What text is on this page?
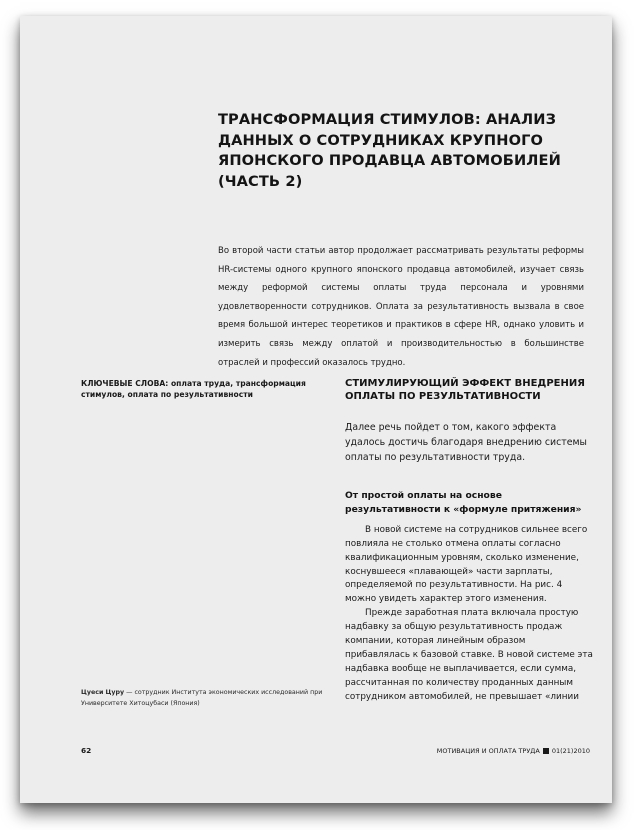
ТРАНСФОРМАЦИЯ СТИМУЛОВ: АНАЛИЗ ДАННЫХ О СОТРУДНИКАХ КРУПНОГО ЯПОНСКОГО ПРОДАВЦА АВТОМОБИЛЕЙ (ЧАСТЬ 2)

Во второй части статьи автор продолжает рассматривать результаты реформы HR-системы одного крупного японского продавца автомобилей, изучает связь между реформой системы оплаты труда персонала и уровнями удовлетворенности сотрудников. Оплата за результативность вызвала в свое время большой интерес теоретиков и практиков в сфере HR, однако уловить и измерить связь между оплатой и производительностью в большинстве отраслей и профессий оказалось трудно.

КЛЮЧЕВЫЕ СЛОВА: оплата труда, трансформация стимулов, оплата по результативности

Цуеси Цуру — сотрудник Института экономических исследований при Университете Хитоцубаси (Япония)

СТИМУЛИРУЮЩИЙ ЭФФЕКТ ВНЕДРЕНИЯ ОПЛАТЫ ПО РЕЗУЛЬТАТИВНОСТИ

Далее речь пойдет о том, какого эффекта удалось достичь благодаря внедрению системы оплаты по результативности труда.

От простой оплаты на основе результативности к «формуле притяжения»

В новой системе на сотрудников сильнее всего повлияла не столько отмена оплаты согласно квалификационным уровням, сколько изменение, коснувшееся «плавающей» части зарплаты, определяемой по результативности. На рис. 4 можно увидеть характер этого изменения.

Прежде заработная плата включала простую надбавку за общую результативность продаж компании, которая линейным образом прибавлялась к базовой ставке. В новой системе эта надбавка вообще не выплачивается, если сумма, рассчитанная по количеству проданных данным сотрудником автомобилей, не превышает «линии

62	МОТИВАЦИЯ И ОПЛАТА ТРУДА 01(21)2010
